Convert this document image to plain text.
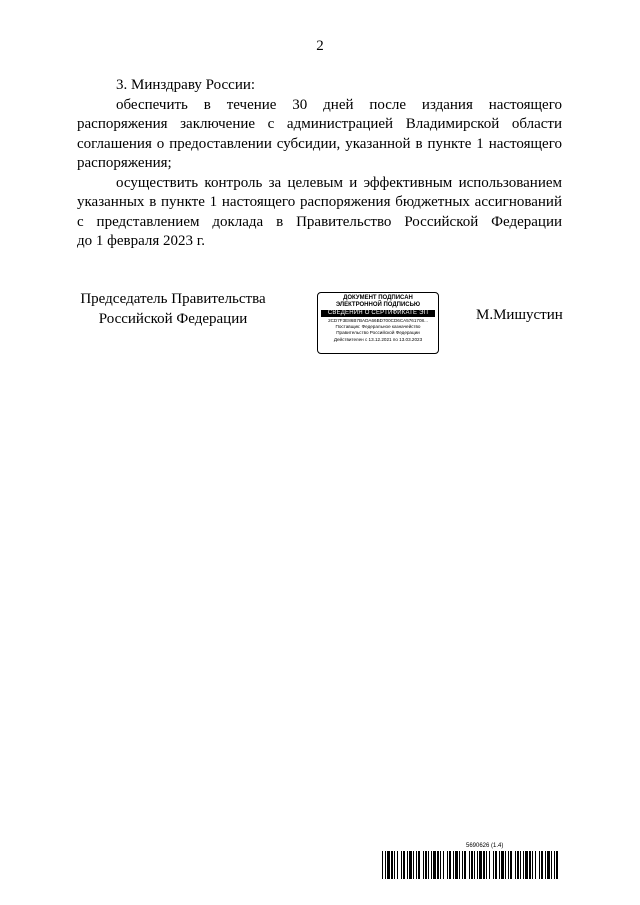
2

3. Минздраву России:

обеспечить в течение 30 дней после издания настоящего

распоряжения заключение с администрацией Владимирской области

соглашения о предоставлении субсидии, указанной в пункте 1 настоящего

распоряжения;

осуществить контроль за целевым и эффективным использованием

указанных в пункте 1 настоящего распоряжения бюджетных ассигнований

с представлением доклада в Правительство Российской Федерации

до 1 февраля 2023 г.

Председатель Правительства
Российской Федерации
ДОКУМЕНТ ПОДПИСАН
ЭЛЕКТРОННОЙ ПОДПИСЬЮ
СВЕДЕНИЯ О СЕРТИФИКАТЕ ЭП
2CD7F3E86B7BADA66BD700CD6CA5761708...
Поставщик: Федеральное казначейство
Правительство Российской Федерации
Действителен с 13.12.2021 по 13.03.2023
М.Мишустин
5690626 (1.4)
